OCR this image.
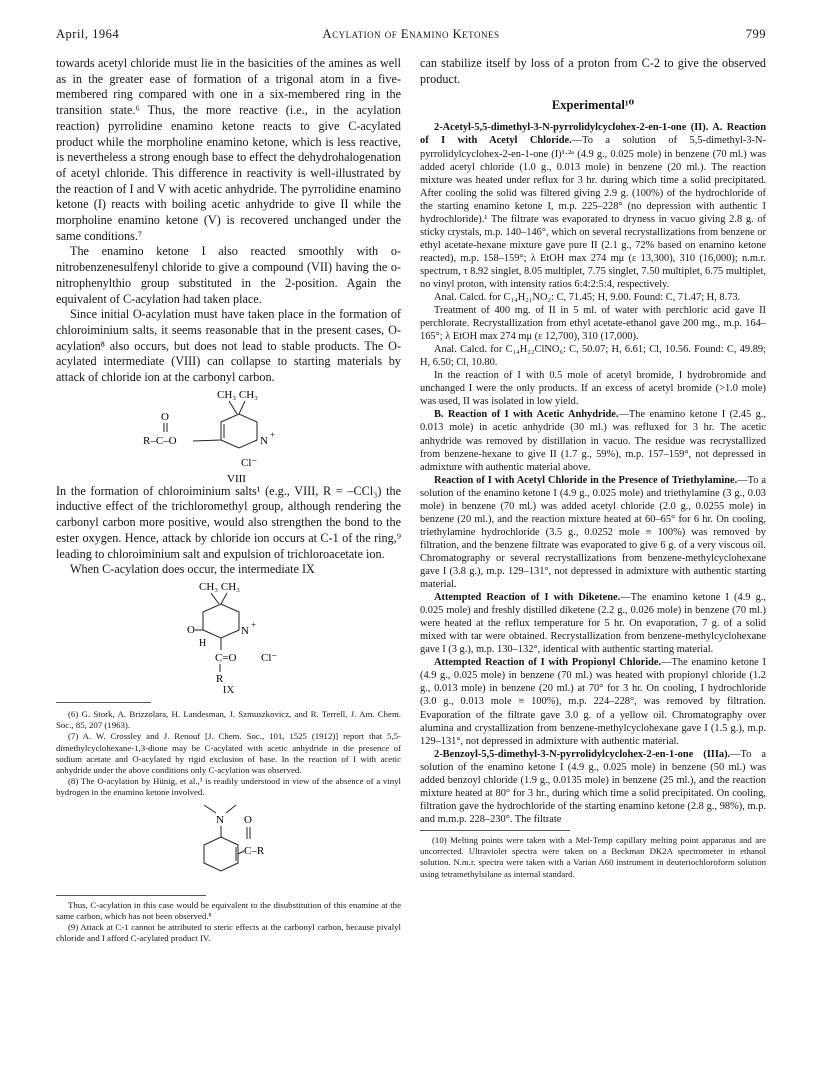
April, 1964	Acylation of Enamino Ketones	799

towards acetyl chloride must lie in the basicities of the amines as well as in the greater ease of formation of a trigonal atom in a five-membered ring compared with one in a six-membered ring in the transition state.⁶ Thus, the more reactive (i.e., in the acylation reaction) pyrrolidine enamino ketone reacts to give C-acylated product while the morpholine enamino ketone, which is less reactive, is nevertheless a strong enough base to effect the dehydrohalogenation of acetyl chloride. This difference in reactivity is well-illustrated by the reaction of I and V with acetic anhydride. The pyrrolidine enamino ketone (I) reacts with boiling acetic anhydride to give II while the morpholine enamino ketone (V) is recovered unchanged under the same conditions.⁷

The enamino ketone I also reacted smoothly with o-nitrobenzenesulfenyl chloride to give a compound (VII) having the o-nitrophenylthio group substituted in the 2-position. Again the equivalent of C-acylation had taken place.

Since initial O-acylation must have taken place in the formation of chloroiminium salts, it seems reasonable that in the present cases, O-acylation⁸ also occurs, but does not lead to stable products. The O-acylated intermediate (VIII) can collapse to starting materials by attack of chloride ion at the carbonyl carbon.

CH₃ CH₃
N +
O
R–C–O
Cl⁻
VIII

In the formation of chloroiminium salts¹ (e.g., VIII, R = –CCl₃) the inductive effect of the trichloromethyl group, although rendering the carbonyl carbon more positive, would also strengthen the bond to the ester oxygen. Hence, attack by chloride ion occurs at C-1 of the ring,⁹ leading to chloroiminium salt and expulsion of trichloroacetate ion.

When C-acylation does occur, the intermediate IX

CH₃ CH₃
N +
O
H
C=O Cl⁻
R
IX

(6) G. Stork, A. Brizzolara, H. Landesman, J. Szmuszkovicz, and R. Terrell, J. Am. Chem. Soc., 85, 207 (1963).

(7) A. W. Crossley and J. Renouf [J. Chem. Soc., 101, 1525 (1912)] report that 5,5-dimethylcyclohexane-1,3-dione may be C-acylated with acetic anhydride in the presence of sodium acetate and O-acylated by rigid exclusion of base. In the reaction of I with acetic anhydride under the above conditions only C-acylation was observed.

(8) The O-acylation by Hünig, et al.,³ is readily understood in view of the absence of a vinyl hydrogen in the enamino ketone involved.

N O
C–R

Thus, C-acylation in this case would be equivalent to the disubstitution of this enamine at the same carbon, which has not been observed.⁸

(9) Attack at C-1 cannot be attributed to steric effects at the carbonyl carbon, because pivalyl chloride and I afford C-acylated product IV.

can stabilize itself by loss of a proton from C-2 to give the observed product.

Experimental¹⁰

2-Acetyl-5,5-dimethyl-3-N-pyrrolidylcyclohex-2-en-1-one (II). A. Reaction of I with Acetyl Chloride.—To a solution of 5,5-dimethyl-3-N-pyrrolidylcyclohex-2-en-1-one (I)¹·²ᵃ (4.9 g., 0.025 mole) in benzene (70 ml.) was added acetyl chloride (1.0 g., 0.013 mole) in benzene (20 ml.). The reaction mixture was heated under reflux for 3 hr. during which time a solid precipitated. After cooling the solid was filtered giving 2.9 g. (100%) of the hydrochloride of the starting enamino ketone I, m.p. 225–228° (no depression with authentic I hydrochloride).¹ The filtrate was evaporated to dryness in vacuo giving 2.8 g. of sticky crystals, m.p. 140–146°, which on several recrystallizations from benzene or ethyl acetate-hexane mixture gave pure II (2.1 g., 72% based on enamino ketone reacted), m.p. 158–159°; λ EtOH max 274 mμ (ε 13,300), 310 (16,000); n.m.r. spectrum, τ 8.92 singlet, 8.05 multiplet, 7.75 singlet, 7.50 multiplet, 6.75 multiplet, no vinyl proton, with intensity ratios 6:4:2:5:4, respectively.

Anal. Calcd. for C₁₄H₂₁NO₂: C, 71.45; H, 9.00. Found: C, 71.47; H, 8.73.

Treatment of 400 mg. of II in 5 ml. of water with perchloric acid gave II perchlorate. Recrystallization from ethyl acetate-ethanol gave 200 mg., m.p. 164–165°; λ EtOH max 274 mμ (ε 12,700), 310 (17,000).

Anal. Calcd. for C₁₄H₂₂ClNO₆: C, 50.07; H, 6.61; Cl, 10.56. Found: C, 49.89; H, 6.50; Cl, 10.80.

In the reaction of I with 0.5 mole of acetyl bromide, I hydrobromide and unchanged I were the only products. If an excess of acetyl bromide (>1.0 mole) was used, II was isolated in low yield.

B. Reaction of I with Acetic Anhydride.—The enamino ketone I (2.45 g., 0.013 mole) in acetic anhydride (30 ml.) was refluxed for 3 hr. The acetic anhydride was removed by distillation in vacuo. The residue was recrystallized from benzene-hexane to give II (1.7 g., 59%), m.p. 157–159°, not depressed in admixture with authentic material above.

Reaction of I with Acetyl Chloride in the Presence of Triethylamine.—To a solution of the enamino ketone I (4.9 g., 0.025 mole) and triethylamine (3 g., 0.03 mole) in benzene (70 ml.) was added acetyl chloride (2.0 g., 0.0255 mole) in benzene (20 ml.), and the reaction mixture heated at 60–65° for 6 hr. On cooling, triethylamine hydrochloride (3.5 g., 0.0252 mole ≡ 100%) was removed by filtration, and the benzene filtrate was evaporated to give 6 g. of a very viscous oil. Chromatography or several recrystallizations from benzene-methylcyclohexane gave I (3.8 g.), m.p. 129–131°, not depressed in admixture with authentic starting material.

Attempted Reaction of I with Diketene.—The enamino ketone I (4.9 g., 0.025 mole) and freshly distilled diketene (2.2 g., 0.026 mole) in benzene (70 ml.) were heated at the reflux temperature for 5 hr. On evaporation, 7 g. of a solid mixed with tar were obtained. Recrystallization from benzene-methylcyclohexane gave I (3 g.), m.p. 130–132°, identical with authentic starting material.

Attempted Reaction of I with Propionyl Chloride.—The enamino ketone I (4.9 g., 0.025 mole) in benzene (70 ml.) was heated with propionyl chloride (1.2 g., 0.013 mole) in benzene (20 ml.) at 70° for 3 hr. On cooling, I hydrochloride (3.0 g., 0.013 mole ≡ 100%), m.p. 224–228°, was removed by filtration. Evaporation of the filtrate gave 3.0 g. of a yellow oil. Chromatography over alumina and crystallization from benzene-methylcyclohexane gave I (1.5 g.), m.p. 129–131°, not depressed in admixture with authentic material.

2-Benzoyl-5,5-dimethyl-3-N-pyrrolidylcyclohex-2-en-1-one (IIIa).—To a solution of the enamino ketone I (4.9 g., 0.025 mole) in benzene (50 ml.) was added benzoyl chloride (1.9 g., 0.0135 mole) in benzene (25 ml.), and the reaction mixture heated at 80° for 3 hr., during which time a solid precipitated. On cooling, filtration gave the hydrochloride of the starting enamino ketone (2.8 g., 98%), m.p. and m.m.p. 228–230°. The filtrate

(10) Melting points were taken with a Mel-Temp capillary melting point apparatus and are uncorrected. Ultraviolet spectra were taken on a Beckman DK2A spectrometer in ethanol solution. N.m.r. spectra were taken with a Varian A60 instrument in deuteriochloroform solution using tetramethylsilane as internal standard.
